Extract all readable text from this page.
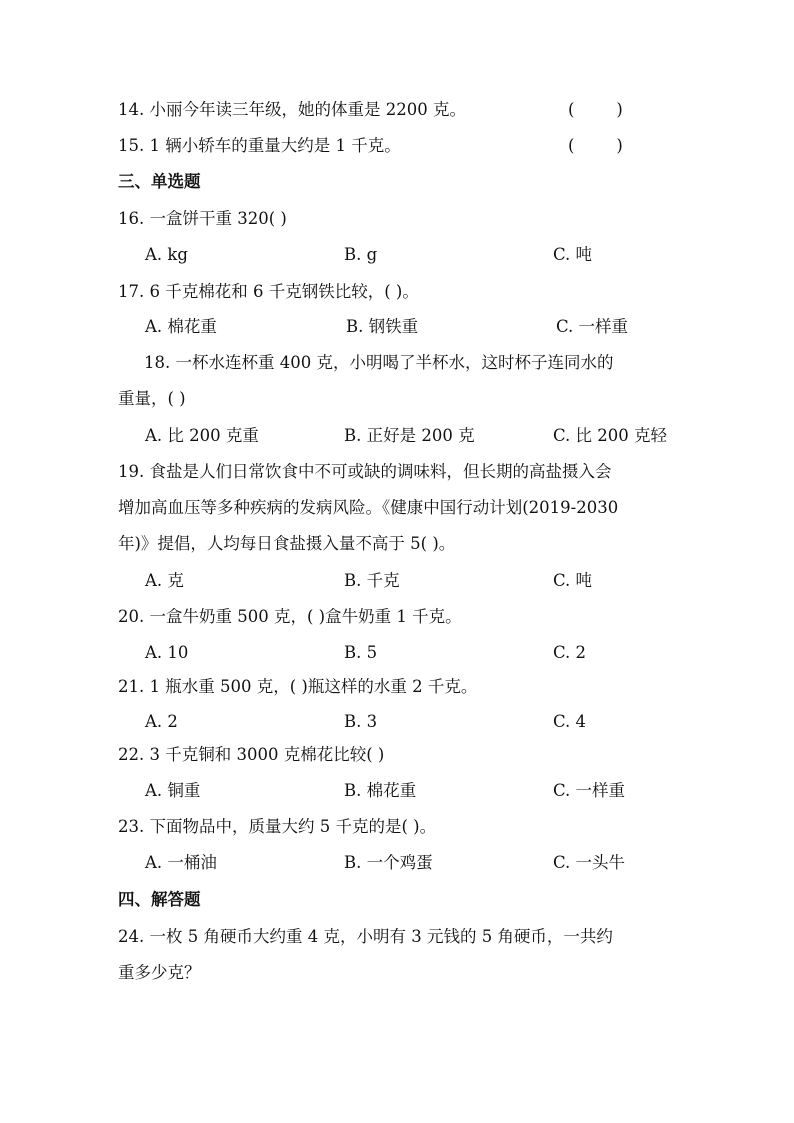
14. 小丽今年读三年级，她的体重是 2200 克。	(        )
15. 1 辆小轿车的重量大约是 1 千克。	(        )
三、单选题
16. 一盒饼干重 320( )
A. kg	B. g	C. 吨
17. 6 千克棉花和 6 千克钢铁比较，( )。
A. 棉花重	B. 钢铁重	C. 一样重
18. 一杯水连杯重 400 克，小明喝了半杯水，这时杯子连同水的
重量，( )
A. 比 200 克重	B. 正好是 200 克	C. 比 200 克轻
19. 食盐是人们日常饮食中不可或缺的调味料，但长期的高盐摄入会
增加高血压等多种疾病的发病风险。《健康中国行动计划(2019-2030
年)》提倡，人均每日食盐摄入量不高于 5( )。
A. 克	B. 千克	C. 吨
20. 一盒牛奶重 500 克，( )盒牛奶重 1 千克。
A. 10	B. 5	C. 2
21. 1 瓶水重 500 克，( )瓶这样的水重 2 千克。
A. 2	B. 3	C. 4
22. 3 千克铜和 3000 克棉花比较( )
A. 铜重	B. 棉花重	C. 一样重
23. 下面物品中，质量大约 5 千克的是( )。
A. 一桶油	B. 一个鸡蛋	C. 一头牛
四、解答题
24. 一枚 5 角硬币大约重 4 克，小明有 3 元钱的 5 角硬币，一共约
重多少克？
